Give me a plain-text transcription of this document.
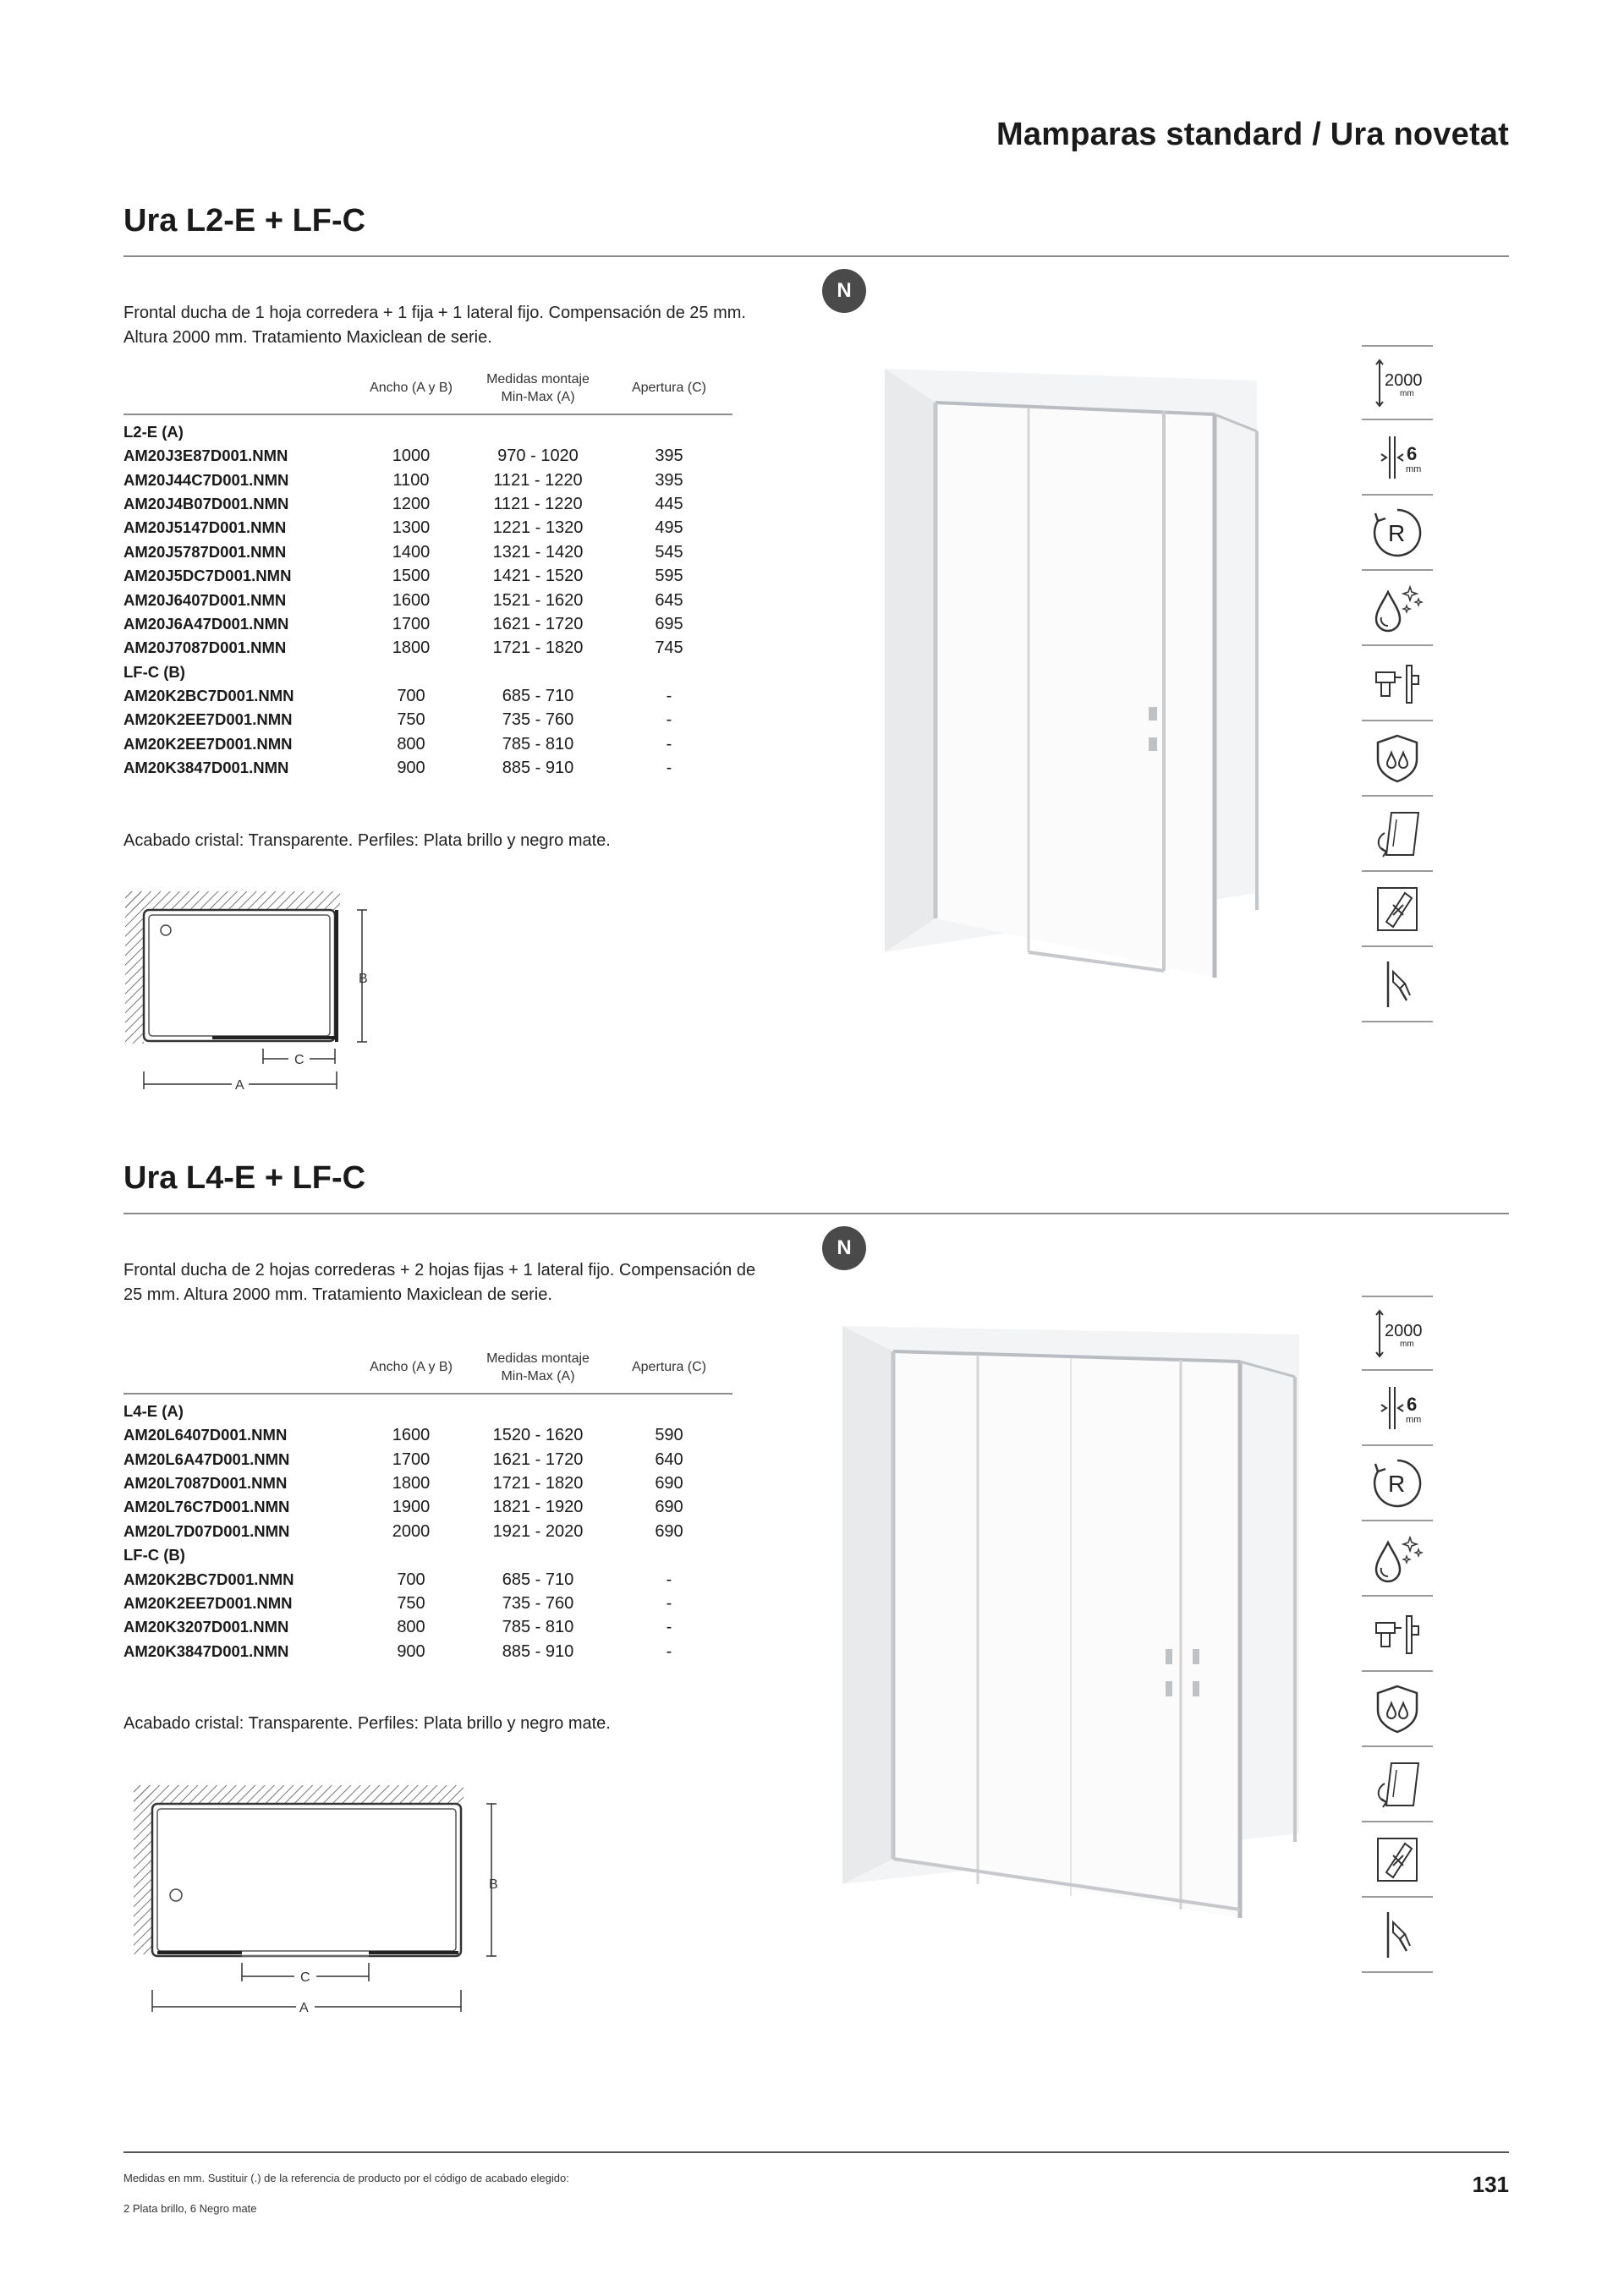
Mamparas standard / Ura novetat
Ura L2-E + LF-C
N
Frontal ducha de 1 hoja corredera + 1 fija + 1 lateral fijo. Compensación de 25 mm. Altura 2000 mm. Tratamiento Maxiclean de serie.
	Ancho (A y B)	Medidas montaje Min-Max (A)	Apertura (C)
L2-E (A)			
AM20J3E87D001.NMN	1000	970 - 1020	395
AM20J44C7D001.NMN	1100	1121 - 1220	395
AM20J4B07D001.NMN	1200	1121 - 1220	445
AM20J5147D001.NMN	1300	1221 - 1320	495
AM20J5787D001.NMN	1400	1321 - 1420	545
AM20J5DC7D001.NMN	1500	1421 - 1520	595
AM20J6407D001.NMN	1600	1521 - 1620	645
AM20J6A47D001.NMN	1700	1621 - 1720	695
AM20J7087D001.NMN	1800	1721 - 1820	745
LF-C (B)			
AM20K2BC7D001.NMN	700	685 - 710	-
AM20K2EE7D001.NMN	750	735 - 760	-
AM20K2EE7D001.NMN	800	785 - 810	-
AM20K3847D001.NMN	900	885 - 910	-
Acabado cristal: Transparente. Perfiles: Plata brillo y negro mate.
B
C
A
2000
mm
6
mm
R
Ura L4-E + LF-C
N
Frontal ducha de 2 hojas correderas + 2 hojas fijas + 1 lateral fijo. Compensación de 25 mm. Altura 2000 mm. Tratamiento Maxiclean de serie.
	Ancho (A y B)	Medidas montaje Min-Max (A)	Apertura (C)
L4-E (A)			
AM20L6407D001.NMN	1600	1520 - 1620	590
AM20L6A47D001.NMN	1700	1621 - 1720	640
AM20L7087D001.NMN	1800	1721 - 1820	690
AM20L76C7D001.NMN	1900	1821 - 1920	690
AM20L7D07D001.NMN	2000	1921 - 2020	690
LF-C (B)			
AM20K2BC7D001.NMN	700	685 - 710	-
AM20K2EE7D001.NMN	750	735 - 760	-
AM20K3207D001.NMN	800	785 - 810	-
AM20K3847D001.NMN	900	885 - 910	-
Acabado cristal: Transparente. Perfiles: Plata brillo y negro mate.
B
C
A
2000
mm
6
mm
R
Medidas en mm. Sustituir (.) de la referencia de producto por el código de acabado elegido:
2 Plata brillo, 6 Negro mate
131
